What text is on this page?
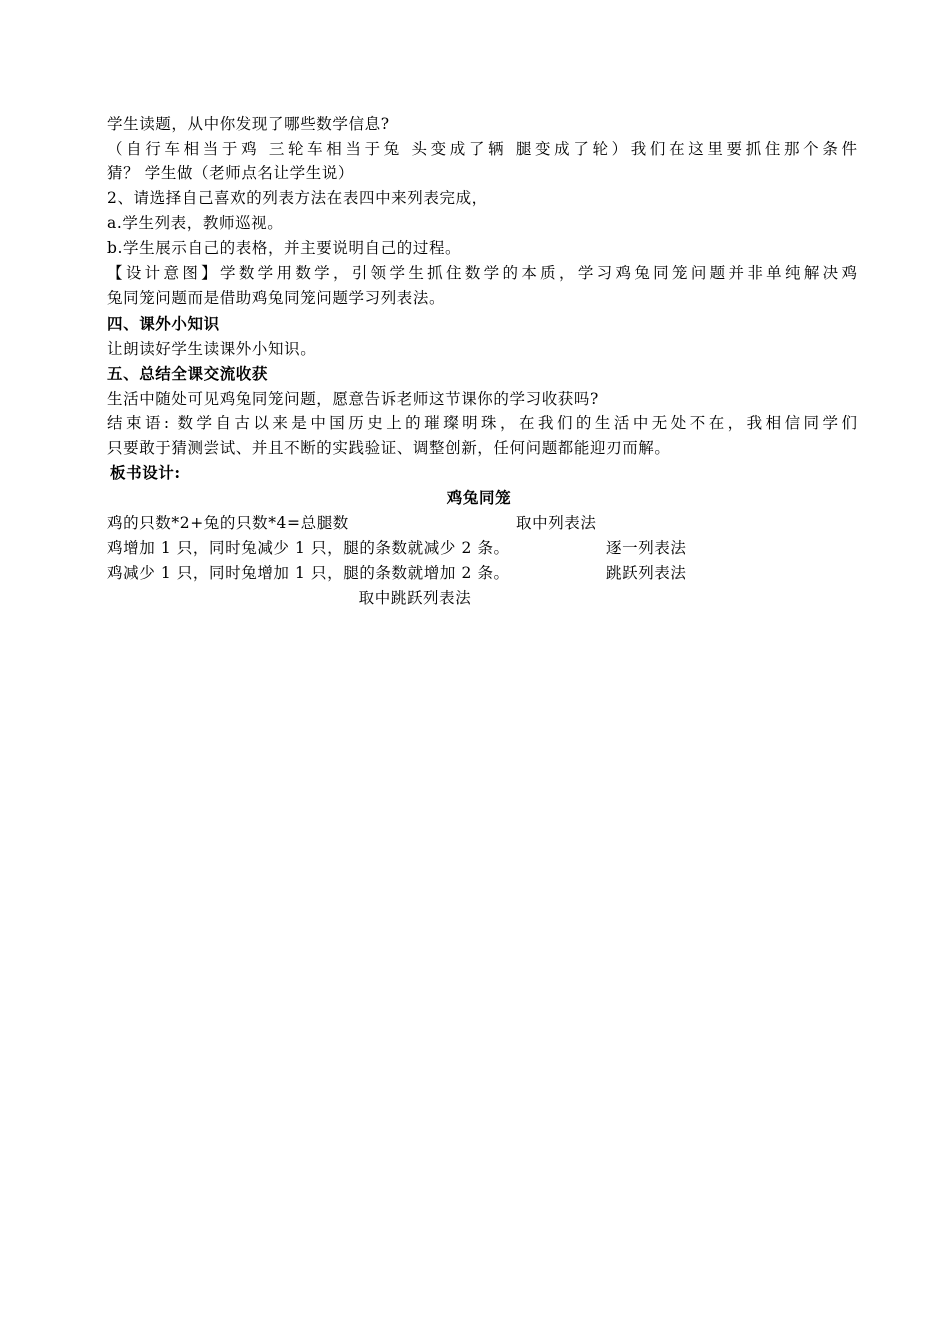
学生读题，从中你发现了哪些数学信息?
（自行车相当于鸡 三轮车相当于兔 头变成了辆 腿变成了轮）我们在这里要抓住那个条件
猜？ 学生做（老师点名让学生说）
2、请选择自己喜欢的列表方法在表四中来列表完成，
a.学生列表，教师巡视。
b.学生展示自己的表格，并主要说明自己的过程。
【设计意图】学数学用数学，引领学生抓住数学的本质，学习鸡兔同笼问题并非单纯解决鸡
兔同笼问题而是借助鸡兔同笼问题学习列表法。
四、课外小知识
让朗读好学生读课外小知识。
五、总结全课交流收获
生活中随处可见鸡兔同笼问题，愿意告诉老师这节课你的学习收获吗?
结束语: 数学自古以来是中国历史上的璀璨明珠，在我们的生活中无处不在，我相信同学们
只要敢于猜测尝试、并且不断的实践验证、调整创新，任何问题都能迎刃而解。
板书设计:
鸡兔同笼
鸡的只数*2+兔的只数*4=总腿数	取中列表法
鸡增加 1 只，同时兔减少 1 只，腿的条数就减少 2 条。	逐一列表法
鸡减少 1 只，同时兔增加 1 只，腿的条数就增加 2 条。	跳跃列表法
取中跳跃列表法
